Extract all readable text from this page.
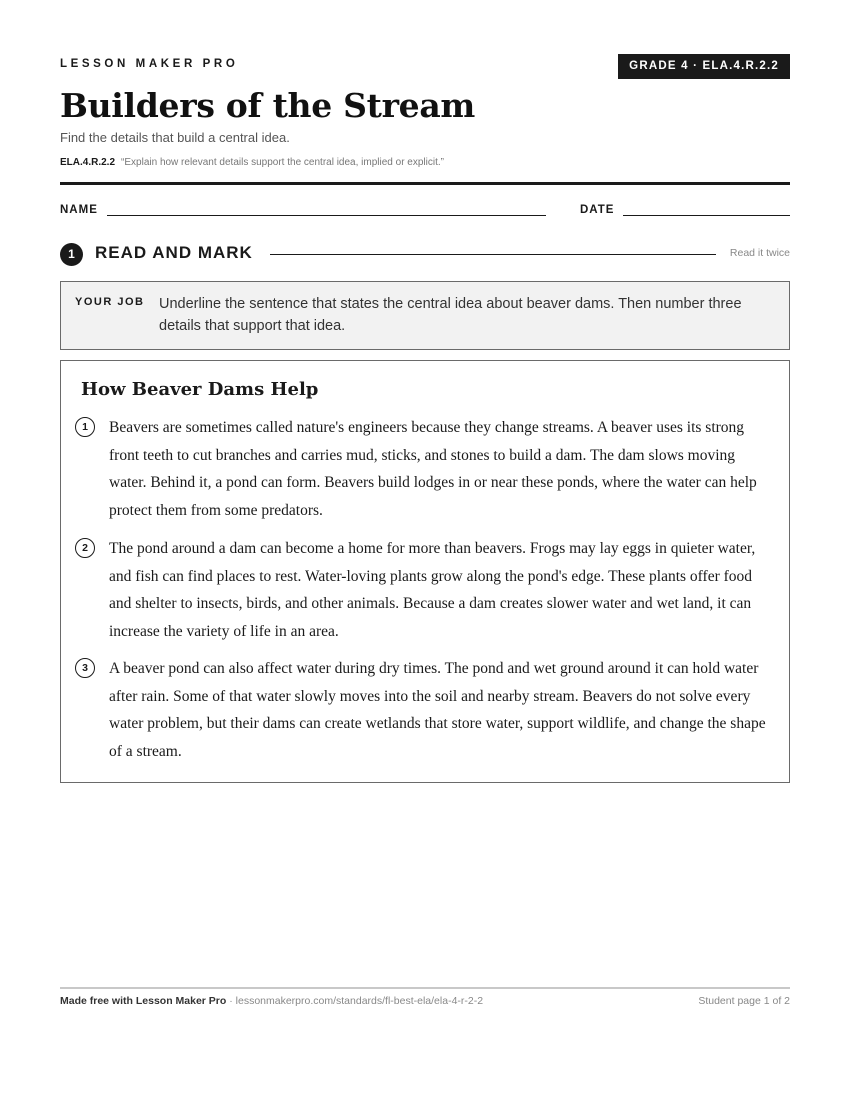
LESSON MAKER PRO	GRADE 4 · ELA.4.R.2.2
Builders of the Stream
Find the details that build a central idea.
ELA.4.R.2.2 “Explain how relevant details support the central idea, implied or explicit.”
NAME	DATE
1	READ AND MARK	Read it twice
YOUR JOB Underline the sentence that states the central idea about beaver dams. Then number three details that support that idea.
How Beaver Dams Help
1	Beavers are sometimes called nature's engineers because they change streams. A beaver uses its strong front teeth to cut branches and carries mud, sticks, and stones to build a dam. The dam slows moving water. Behind it, a pond can form. Beavers build lodges in or near these ponds, where the water can help protect them from some predators.
2	The pond around a dam can become a home for more than beavers. Frogs may lay eggs in quieter water, and fish can find places to rest. Water-loving plants grow along the pond's edge. These plants offer food and shelter to insects, birds, and other animals. Because a dam creates slower water and wet land, it can increase the variety of life in an area.
3	A beaver pond can also affect water during dry times. The pond and wet ground around it can hold water after rain. Some of that water slowly moves into the soil and nearby stream. Beavers do not solve every water problem, but their dams can create wetlands that store water, support wildlife, and change the shape of a stream.
Made free with Lesson Maker Pro · lessonmakerpro.com/standards/fl-best-ela/ela-4-r-2-2	Student page 1 of 2
